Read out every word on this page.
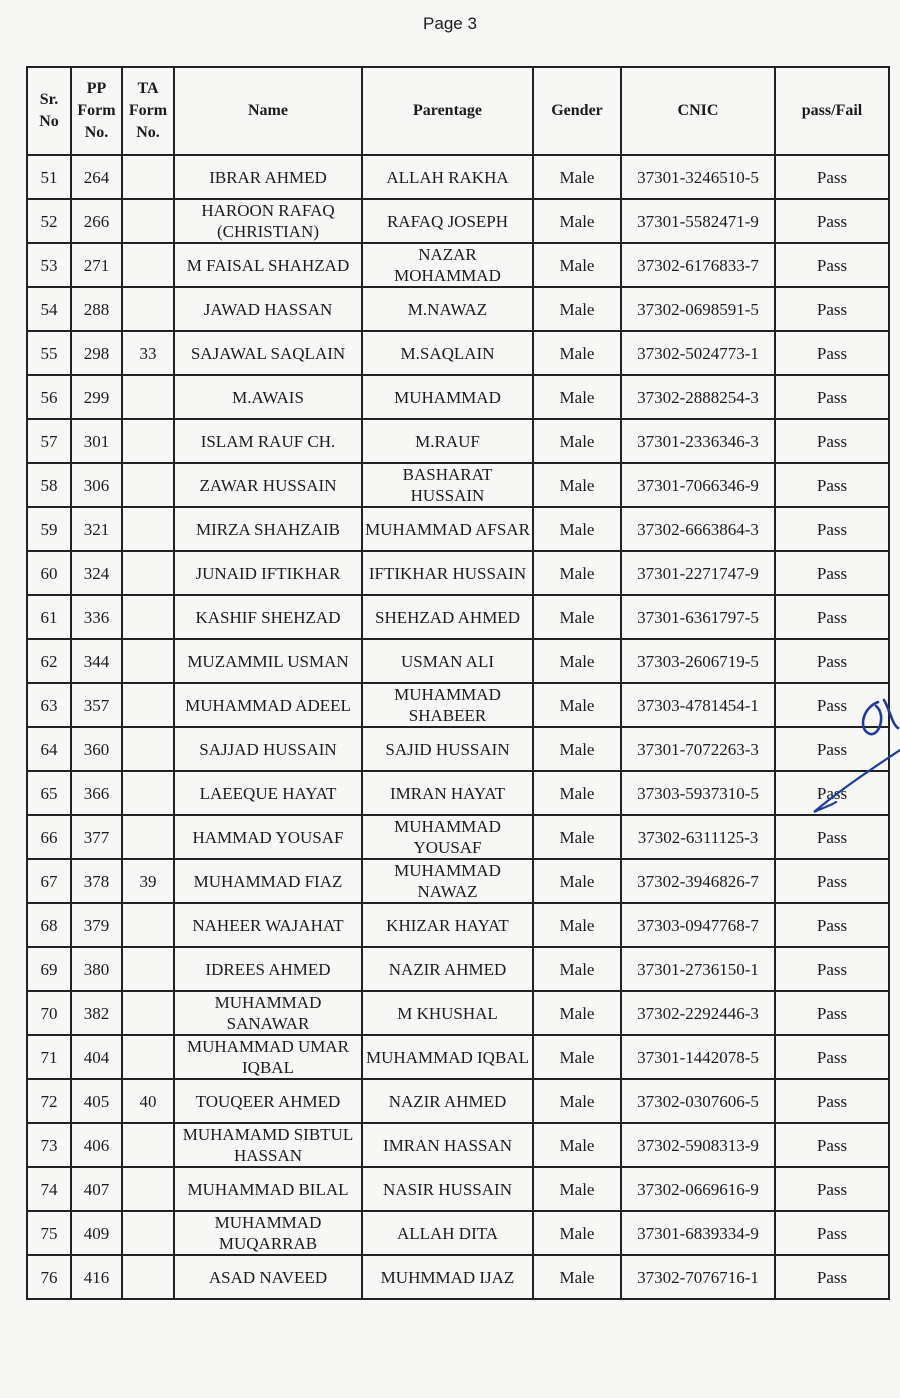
Page 3
Sr. No	PP Form No.	TA Form No.	Name	Parentage	Gender	CNIC	pass/Fail
51	264		IBRAR AHMED	ALLAH RAKHA	Male	37301-3246510-5	Pass
52	266		HAROON RAFAQ (CHRISTIAN)	RAFAQ JOSEPH	Male	37301-5582471-9	Pass
53	271		M FAISAL SHAHZAD	NAZAR MOHAMMAD	Male	37302-6176833-7	Pass
54	288		JAWAD HASSAN	M.NAWAZ	Male	37302-0698591-5	Pass
55	298	33	SAJAWAL SAQLAIN	M.SAQLAIN	Male	37302-5024773-1	Pass
56	299		M.AWAIS	MUHAMMAD	Male	37302-2888254-3	Pass
57	301		ISLAM RAUF CH.	M.RAUF	Male	37301-2336346-3	Pass
58	306		ZAWAR HUSSAIN	BASHARAT HUSSAIN	Male	37301-7066346-9	Pass
59	321		MIRZA SHAHZAIB	MUHAMMAD AFSAR	Male	37302-6663864-3	Pass
60	324		JUNAID IFTIKHAR	IFTIKHAR HUSSAIN	Male	37301-2271747-9	Pass
61	336		KASHIF SHEHZAD	SHEHZAD AHMED	Male	37301-6361797-5	Pass
62	344		MUZAMMIL USMAN	USMAN ALI	Male	37303-2606719-5	Pass
63	357		MUHAMMAD ADEEL	MUHAMMAD SHABEER	Male	37303-4781454-1	Pass
64	360		SAJJAD HUSSAIN	SAJID HUSSAIN	Male	37301-7072263-3	Pass
65	366		LAEEQUE HAYAT	IMRAN HAYAT	Male	37303-5937310-5	Pass
66	377		HAMMAD YOUSAF	MUHAMMAD YOUSAF	Male	37302-6311125-3	Pass
67	378	39	MUHAMMAD FIAZ	MUHAMMAD NAWAZ	Male	37302-3946826-7	Pass
68	379		NAHEER WAJAHAT	KHIZAR HAYAT	Male	37303-0947768-7	Pass
69	380		IDREES AHMED	NAZIR AHMED	Male	37301-2736150-1	Pass
70	382		MUHAMMAD SANAWAR	M KHUSHAL	Male	37302-2292446-3	Pass
71	404		MUHAMMAD UMAR IQBAL	MUHAMMAD IQBAL	Male	37301-1442078-5	Pass
72	405	40	TOUQEER AHMED	NAZIR AHMED	Male	37302-0307606-5	Pass
73	406		MUHAMAMD SIBTUL HASSAN	IMRAN HASSAN	Male	37302-5908313-9	Pass
74	407		MUHAMMAD BILAL	NASIR HUSSAIN	Male	37302-0669616-9	Pass
75	409		MUHAMMAD MUQARRAB	ALLAH DITA	Male	37301-6839334-9	Pass
76	416		ASAD NAVEED	MUHMMAD IJAZ	Male	37302-7076716-1	Pass
